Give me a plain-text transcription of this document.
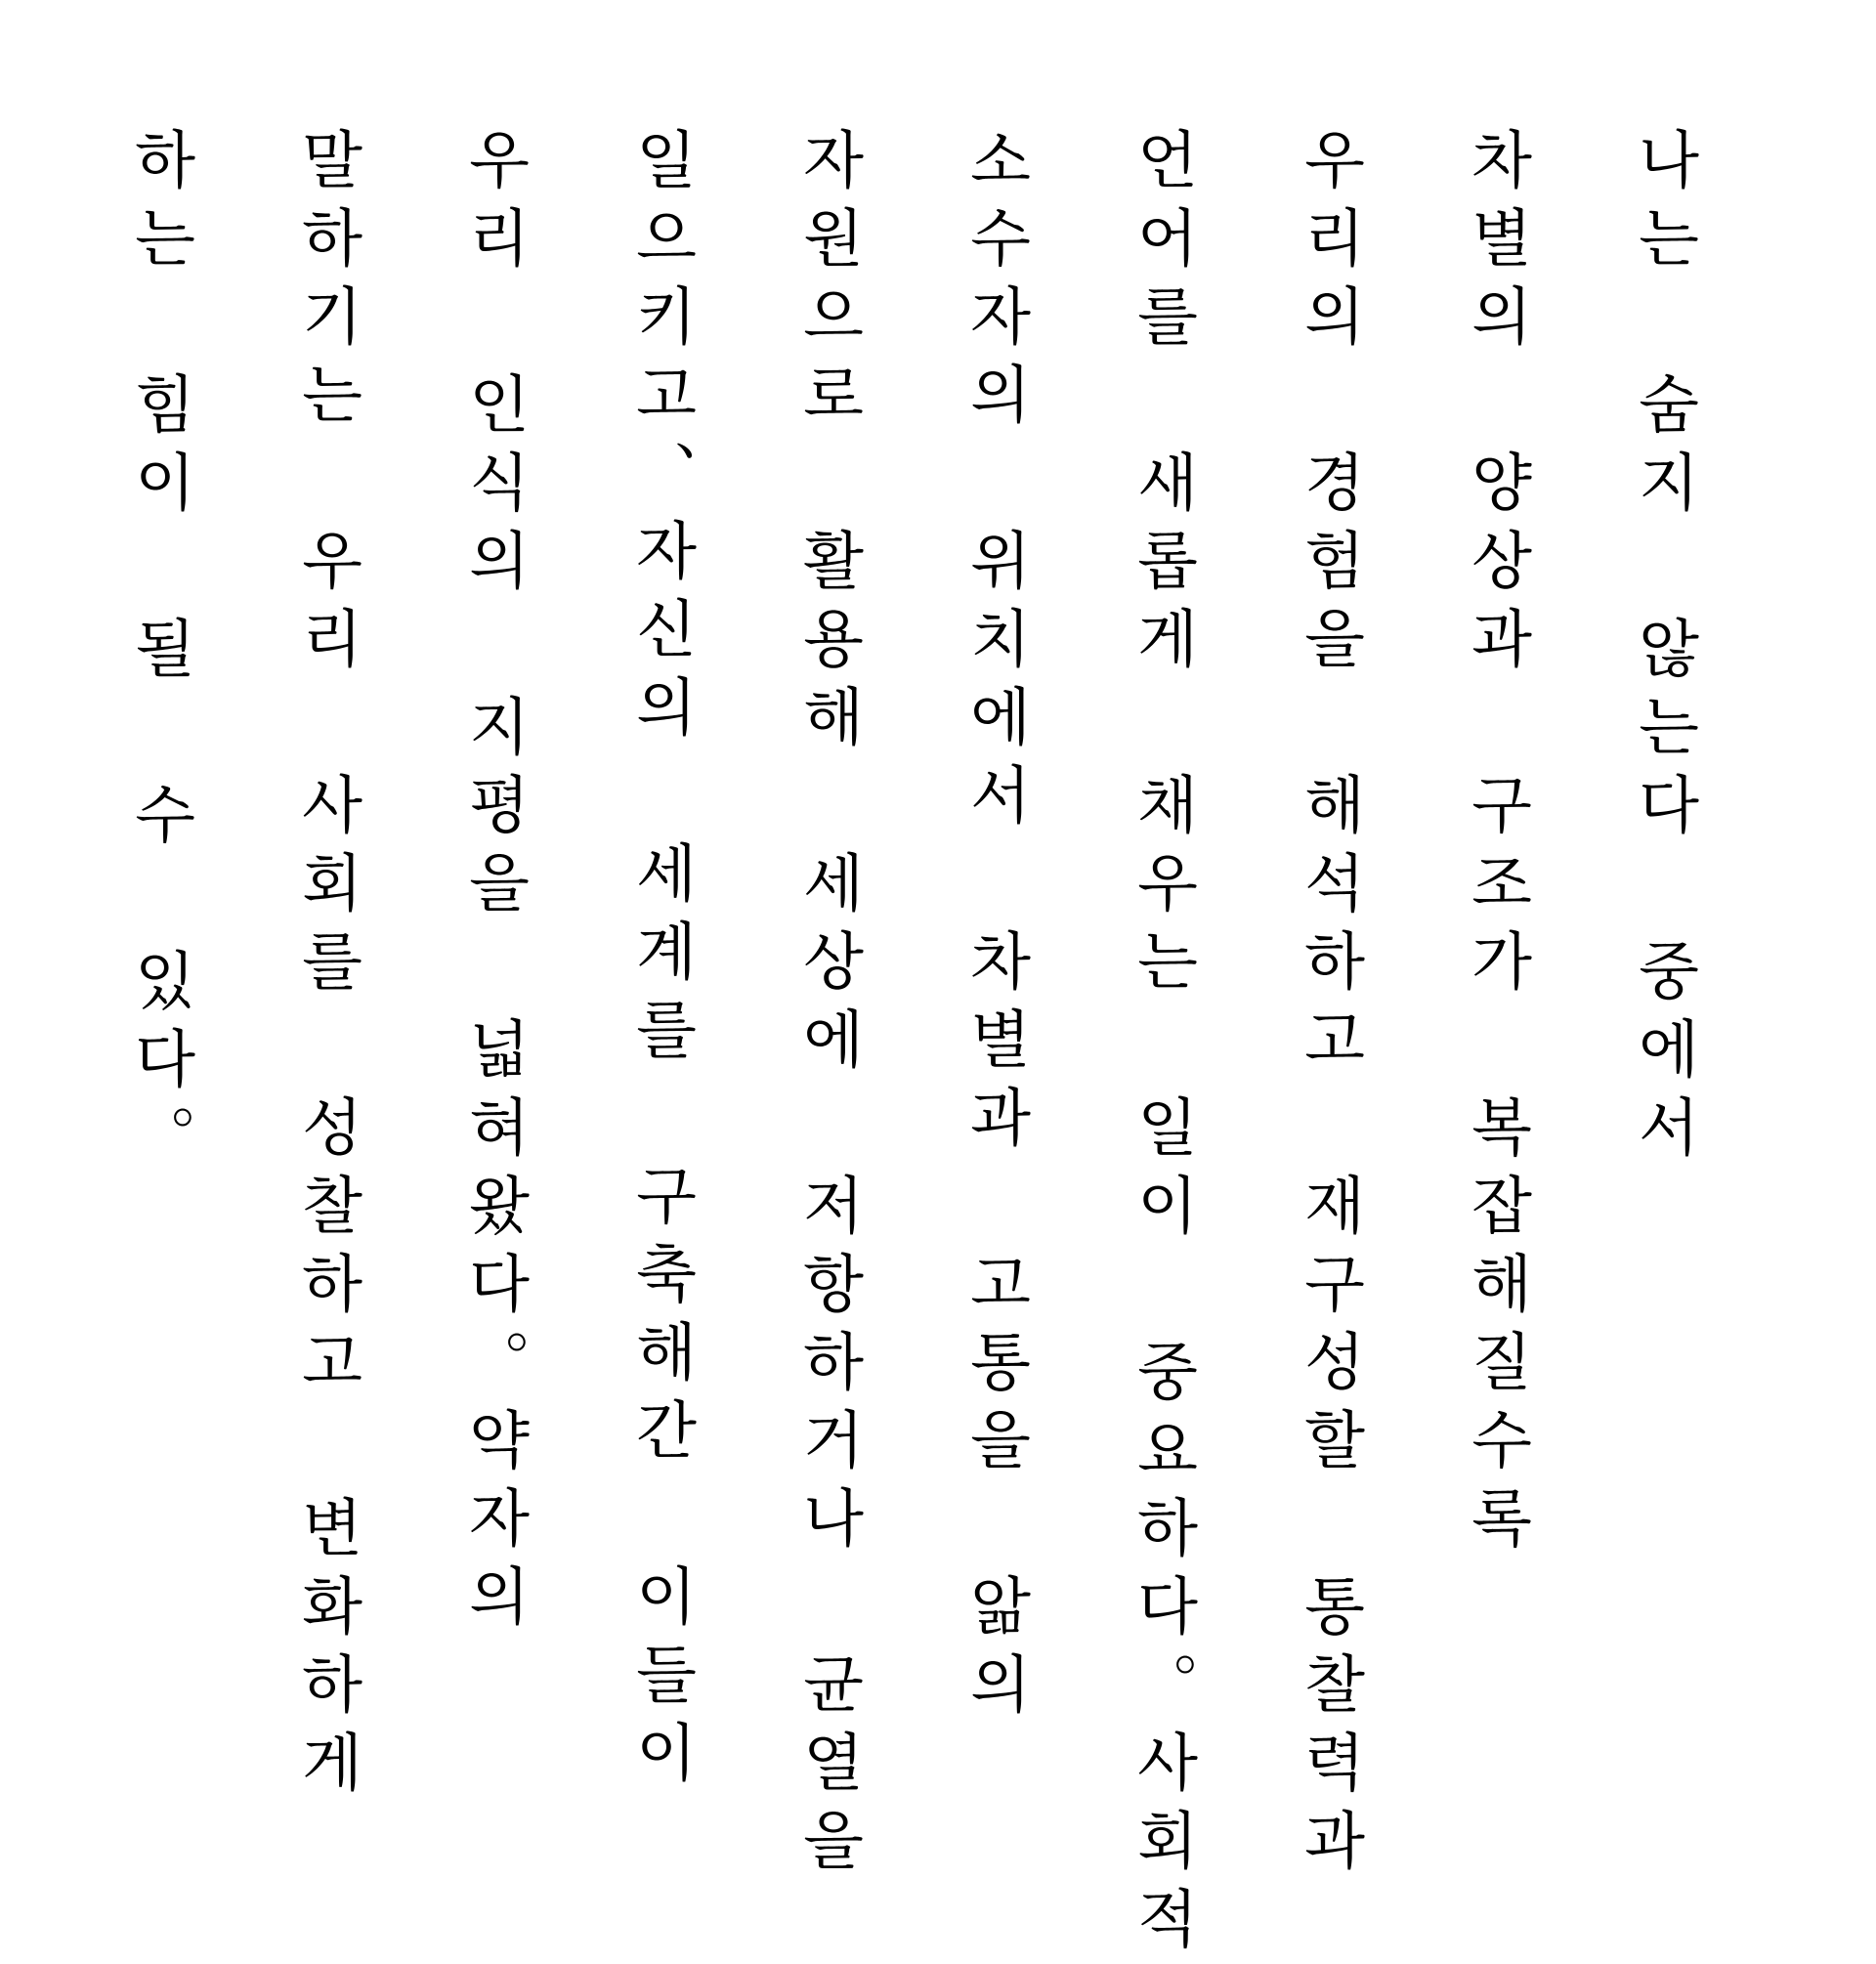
나는 숨지 않는다 중에서
차별의 양상과 구조가 복잡해질수록
우리의 경험을 해석하고 재구성할 통찰력과
언어를 새롭게 채우는 일이 중요하다。사회적
소수자의 위치에서 차별과 고통을 앎의
자원으로 활용해 세상에 저항하거나 균열을
일으키고、자신의 세계를 구축해간 이들이
우리 인식의 지평을 넓혀왔다。약자의
말하기는 우리 사회를 성찰하고 변화하게
하는 힘이 될 수 있다。
